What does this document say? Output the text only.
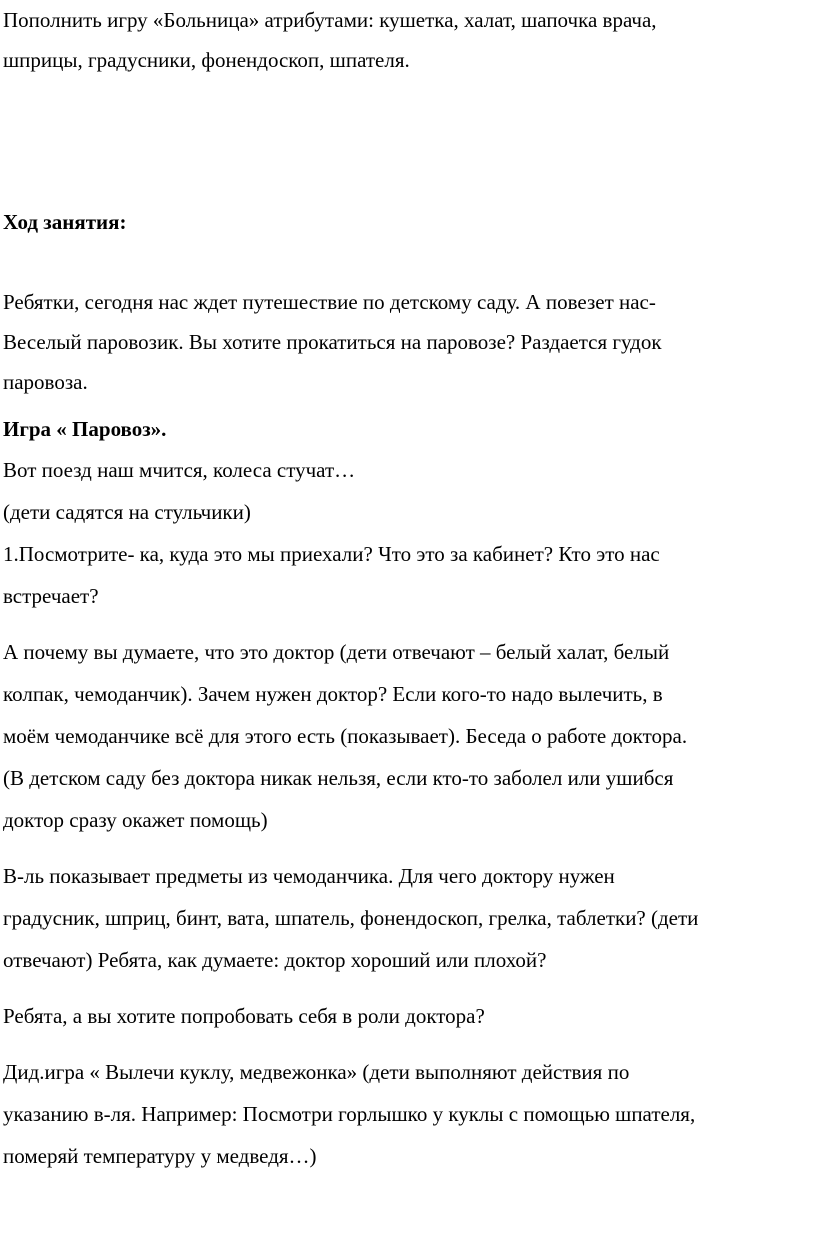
Пополнить игру «Больница» атрибутами: кушетка, халат, шапочка врача,
шприцы, градусники, фонендоскоп, шпателя.
Ход занятия:
Ребятки, сегодня нас ждет путешествие по детскому саду. А повезет нас-
Веселый паровозик. Вы хотите прокатиться на паровозе? Раздается гудок
паровоза.
Игра « Паровоз».
Вот поезд наш мчится, колеса стучат…
(дети садятся на стульчики)
1.Посмотрите- ка, куда это мы приехали? Что это за кабинет? Кто это нас
встречает?
А почему вы думаете, что это доктор (дети отвечают – белый халат, белый
колпак, чемоданчик). Зачем нужен доктор? Если кого-то надо вылечить, в
моём чемоданчике всё для этого есть (показывает). Беседа о работе доктора.
(В детском саду без доктора никак нельзя, если кто-то заболел или ушибся
доктор сразу окажет помощь)
В-ль показывает предметы из чемоданчика. Для чего доктору нужен
градусник, шприц, бинт, вата, шпатель, фонендоскоп, грелка, таблетки? (дети
отвечают) Ребята, как думаете: доктор хороший или плохой?
Ребята, а вы хотите попробовать себя в роли доктора?
Дид.игра « Вылечи куклу, медвежонка» (дети выполняют действия по
указанию в-ля. Например: Посмотри горлышко у куклы с помощью шпателя,
померяй температуру у медведя…)
